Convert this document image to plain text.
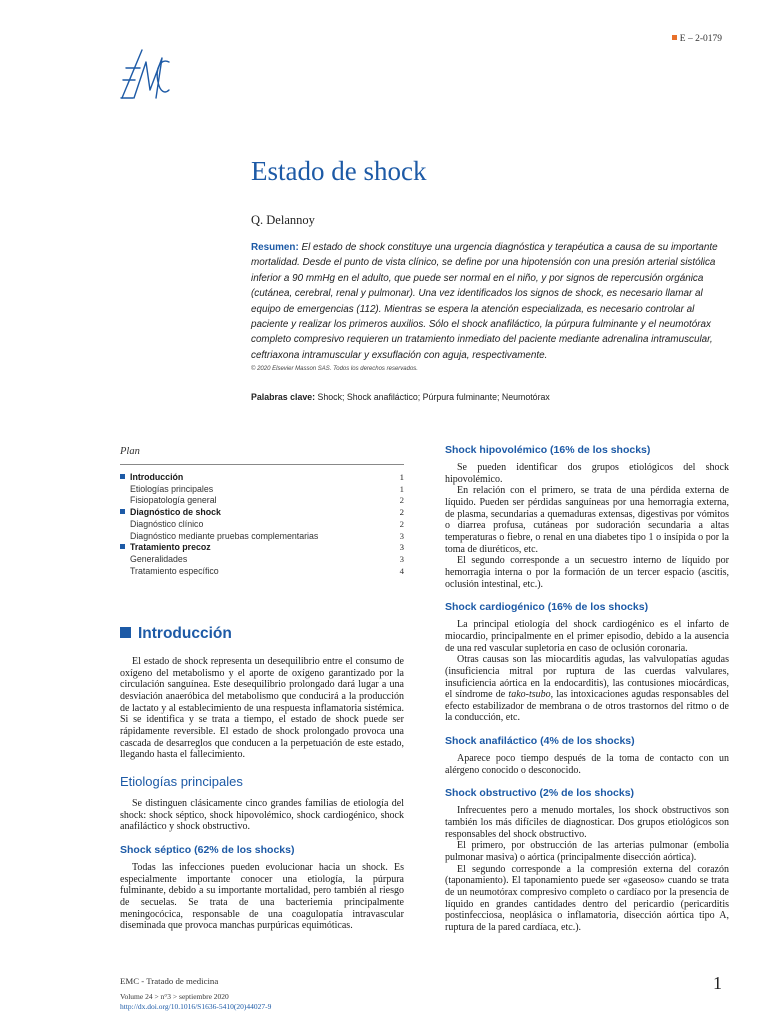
E – 2-0179
Estado de shock
Q. Delannoy
Resumen: El estado de shock constituye una urgencia diagnóstica y terapéutica a causa de su importante mortalidad. Desde el punto de vista clínico, se define por una hipotensión con una presión arterial sistólica inferior a 90 mmHg en el adulto, que puede ser normal en el niño, y por signos de repercusión orgánica (cutánea, cerebral, renal y pulmonar). Una vez identificados los signos de shock, es necesario llamar al equipo de emergencias (112). Mientras se espera la atención especializada, es necesario controlar al paciente y realizar los primeros auxilios. Sólo el shock anafiláctico, la púrpura fulminante y el neumotórax completo compresivo requieren un tratamiento inmediato del paciente mediante adrenalina intramuscular, ceftriaxona intramuscular y exsuflación con aguja, respectivamente.
© 2020 Elsevier Masson SAS. Todos los derechos reservados.
Palabras clave: Shock; Shock anafiláctico; Púrpura fulminante; Neumotórax
Plan
Introducción	1
Etiologías principales	1
Fisiopatología general	2
Diagnóstico de shock	2
Diagnóstico clínico	2
Diagnóstico mediante pruebas complementarias	3
Tratamiento precoz	3
Generalidades	3
Tratamiento específico	4
Introducción

El estado de shock representa un desequilibrio entre el consumo de oxígeno del metabolismo y el aporte de oxígeno garantizado por la circulación sanguínea. Este desequilibrio prolongado dará lugar a una desviación anaeróbica del metabolismo que conducirá a la producción de lactato y al establecimiento de una respuesta inflamatoria sistémica. Si se identifica y se trata a tiempo, el estado de shock puede ser rápidamente reversible. El estado de shock prolongado provoca una cascada de desarreglos que conducen a la perpetuación de este estado, llegando hasta el fallecimiento.

Etiologías principales

Se distinguen clásicamente cinco grandes familias de etiología del shock: shock séptico, shock hipovolémico, shock cardiogénico, shock anafiláctico y shock obstructivo.

Shock séptico (62% de los shocks)

Todas las infecciones pueden evolucionar hacia un shock. Es especialmente importante conocer una etiología, la púrpura fulminante, debido a su importante mortalidad, pero también al riesgo de secuelas. Se trata de una bacteriemia principalmente meningocócica, responsable de una coagulopatía intravascular diseminada que provoca manchas purpúricas equimóticas.

Shock hipovolémico (16% de los shocks)

Se pueden identificar dos grupos etiológicos del shock hipovolémico.

En relación con el primero, se trata de una pérdida externa de líquido. Pueden ser pérdidas sanguíneas por una hemorragia externa, de plasma, secundarias a quemaduras extensas, digestivas por vómitos o diarrea profusa, cutáneas por sudoración secundaria a altas temperaturas o fiebre, o renal en una diabetes tipo 1 o insípida o por la toma de diuréticos, etc.

El segundo corresponde a un secuestro interno de líquido por hemorragia interna o por la formación de un tercer espacio (ascitis, oclusión intestinal, etc.).

Shock cardiogénico (16% de los shocks)

La principal etiología del shock cardiogénico es el infarto de miocardio, principalmente en el primer episodio, debido a la ausencia de una red vascular supletoria en caso de oclusión coronaria.

Otras causas son las miocarditis agudas, las valvulopatías agudas (insuficiencia mitral por ruptura de las cuerdas valvulares, insuficiencia aórtica en la endocarditis), las contusiones miocárdicas, el síndrome de tako-tsubo, las intoxicaciones agudas responsables del efecto estabilizador de membrana o de otros trastornos del ritmo o de la conducción, etc.

Shock anafiláctico (4% de los shocks)

Aparece poco tiempo después de la toma de contacto con un alérgeno conocido o desconocido.

Shock obstructivo (2% de los shocks)

Infrecuentes pero a menudo mortales, los shock obstructivos son también los más difíciles de diagnosticar. Dos grupos etiológicos son responsables del shock obstructivo.

El primero, por obstrucción de las arterias pulmonar (embolia pulmonar masiva) o aórtica (principalmente disección aórtica).

El segundo corresponde a la compresión externa del corazón (taponamiento). El taponamiento puede ser «gaseoso» cuando se trata de un neumotórax compresivo completo o cardíaco por la presencia de líquido en grandes cantidades dentro del pericardio (pericarditis postinfecciosa, neoplásica o inflamatoria, disección aórtica tipo A, ruptura de la pared cardíaca, etc.).

EMC - Tratado de medicina
Volume 24 > n°3 > septiembre 2020
http://dx.doi.org/10.1016/S1636-5410(20)44027-9
1
